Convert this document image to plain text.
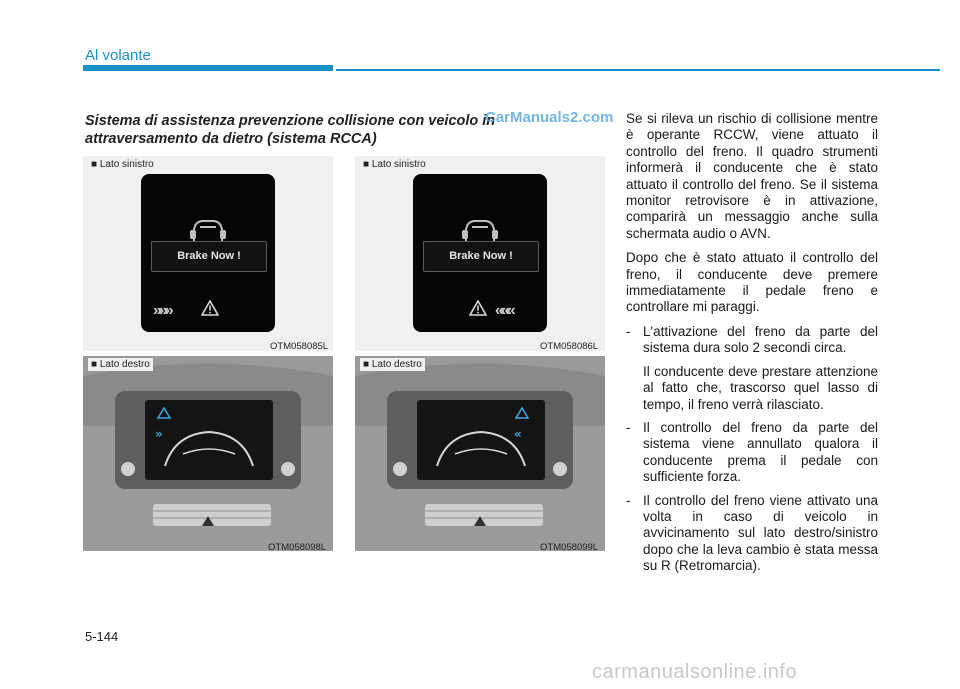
Al volante
Sistema di assistenza prevenzione collisione con veicolo in attraversamento da dietro (sistema RCCA)
CarManuals2.com
■ Lato sinistro
Brake Now !
»»»
OTM058085L
■ Lato sinistro
Brake Now !
«««
OTM058086L
»
■ Lato destro
OTM058098L
«
■ Lato destro
OTM058099L

Se si rileva un rischio di collisione mentre è operante RCCW, viene attuato il controllo del freno. Il quadro strumenti informerà il conducente che è stato attuato il controllo del freno. Se il sistema monitor retrovisore è in attivazione, comparirà un messaggio anche sulla schermata audio o AVN.

Dopo che è stato attuato il controllo del freno, il conducente deve premere immediatamente il pedale freno e controllare mi paraggi.

- L'attivazione del freno da parte del sistema dura solo 2 secondi circa.
Il conducente deve prestare attenzione al fatto che, trascorso quel lasso di tempo, il freno verrà rilasciato.
- Il controllo del freno da parte del sistema viene annullato qualora il conducente prema il pedale con sufficiente forza.
- Il controllo del freno viene attivato una volta in caso di veicolo in avvicinamento sul lato destro/sinistro dopo che la leva cambio è stata messa su R (Retromarcia).
5-144
carmanualsonline.info
